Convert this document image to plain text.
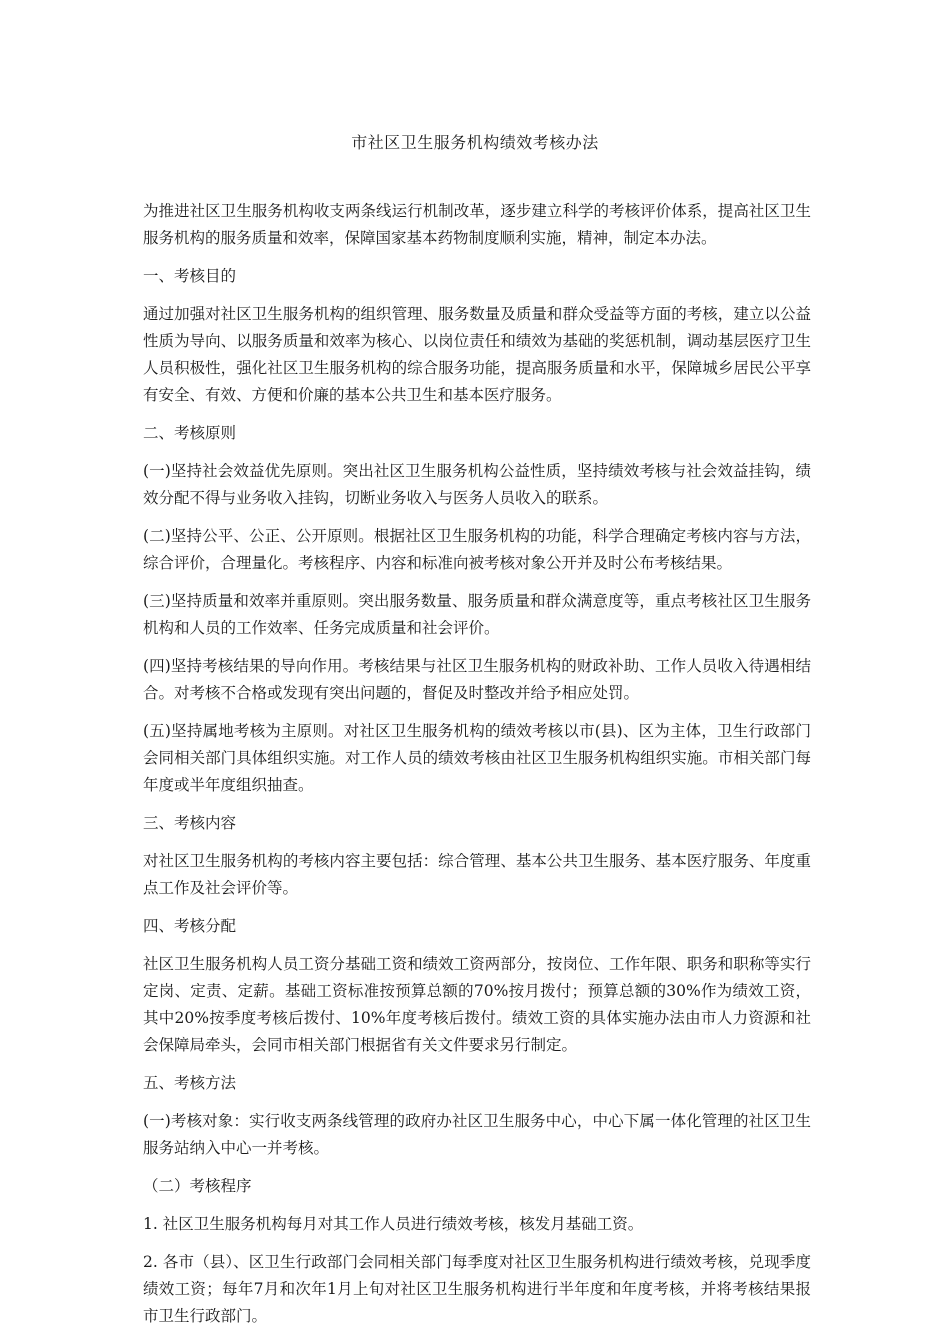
市社区卫生服务机构绩效考核办法

为推进社区卫生服务机构收支两条线运行机制改革，逐步建立科学的考核评价体系，提高社区卫生服务机构的服务质量和效率，保障国家基本药物制度顺利实施，精神，制定本办法。

一、考核目的

通过加强对社区卫生服务机构的组织管理、服务数量及质量和群众受益等方面的考核，建立以公益性质为导向、以服务质量和效率为核心、以岗位责任和绩效为基础的奖惩机制，调动基层医疗卫生人员积极性，强化社区卫生服务机构的综合服务功能，提高服务质量和水平，保障城乡居民公平享有安全、有效、方便和价廉的基本公共卫生和基本医疗服务。

二、考核原则

(一)坚持社会效益优先原则。突出社区卫生服务机构公益性质，坚持绩效考核与社会效益挂钩，绩效分配不得与业务收入挂钩，切断业务收入与医务人员收入的联系。

(二)坚持公平、公正、公开原则。根据社区卫生服务机构的功能，科学合理确定考核内容与方法，综合评价，合理量化。考核程序、内容和标准向被考核对象公开并及时公布考核结果。

(三)坚持质量和效率并重原则。突出服务数量、服务质量和群众满意度等，重点考核社区卫生服务机构和人员的工作效率、任务完成质量和社会评价。

(四)坚持考核结果的导向作用。考核结果与社区卫生服务机构的财政补助、工作人员收入待遇相结合。对考核不合格或发现有突出问题的，督促及时整改并给予相应处罚。

(五)坚持属地考核为主原则。对社区卫生服务机构的绩效考核以市(县)、区为主体，卫生行政部门会同相关部门具体组织实施。对工作人员的绩效考核由社区卫生服务机构组织实施。市相关部门每年度或半年度组织抽查。

三、考核内容

对社区卫生服务机构的考核内容主要包括：综合管理、基本公共卫生服务、基本医疗服务、年度重点工作及社会评价等。

四、考核分配

社区卫生服务机构人员工资分基础工资和绩效工资两部分，按岗位、工作年限、职务和职称等实行定岗、定责、定薪。基础工资标准按预算总额的70%按月拨付；预算总额的30%作为绩效工资，其中20%按季度考核后拨付、10%年度考核后拨付。绩效工资的具体实施办法由市人力资源和社会保障局牵头，会同市相关部门根据省有关文件要求另行制定。

五、考核方法

(一)考核对象：实行收支两条线管理的政府办社区卫生服务中心，中心下属一体化管理的社区卫生服务站纳入中心一并考核。

（二）考核程序

1. 社区卫生服务机构每月对其工作人员进行绩效考核，核发月基础工资。

2. 各市（县）、区卫生行政部门会同相关部门每季度对社区卫生服务机构进行绩效考核，兑现季度绩效工资；每年7月和次年1月上旬对社区卫生服务机构进行半年度和年度考核，并将考核结果报市卫生行政部门。
